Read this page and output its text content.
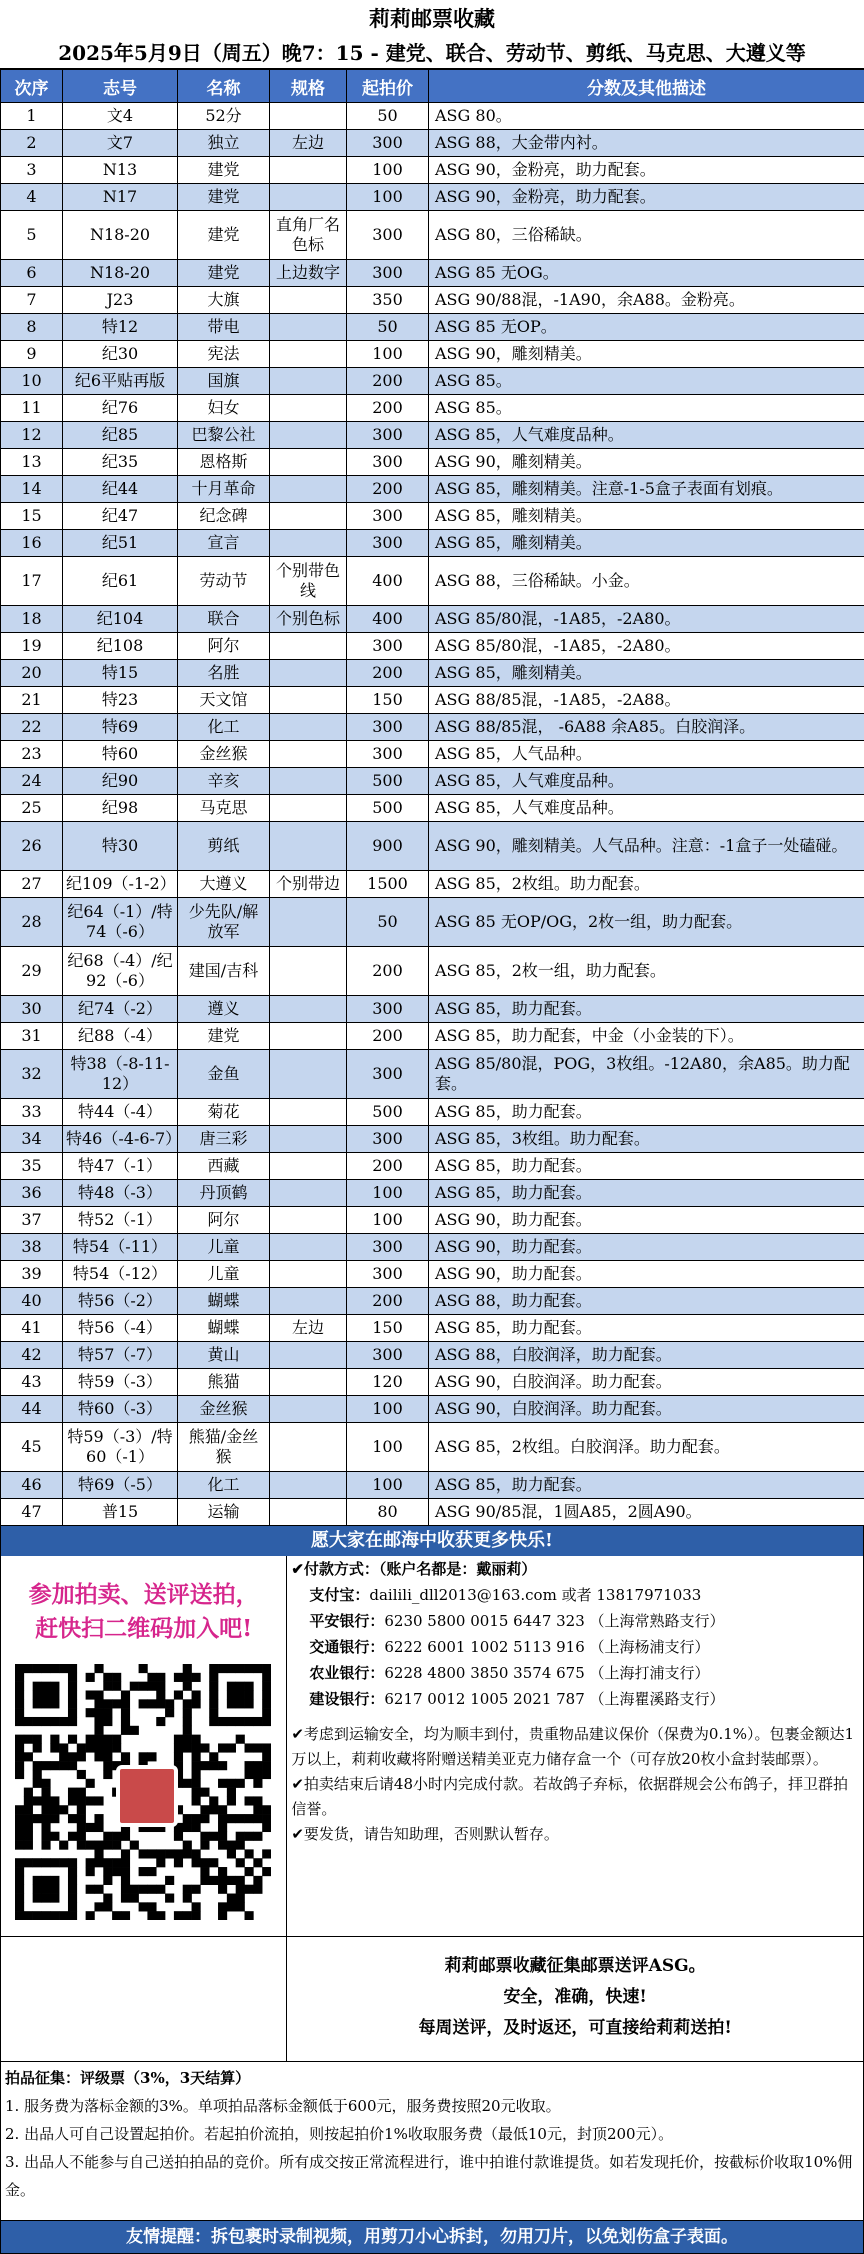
莉莉邮票收藏
2025年5月9日（周五）晚7：15 - 建党、联合、劳动节、剪纸、马克思、大遵义等
次序	志号	名称	规格	起拍价	分数及其他描述
1	文4	52分		50	ASG 80。
2	文7	独立	左边	300	ASG 88，大金带内衬。
3	N13	建党		100	ASG 90，金粉亮，助力配套。
4	N17	建党		100	ASG 90，金粉亮，助力配套。
5	N18-20	建党	直角厂名色标	300	ASG 80，三俗稀缺。
6	N18-20	建党	上边数字	300	ASG 85 无OG。
7	J23	大旗		350	ASG 90/88混，-1A90，余A88。金粉亮。
8	特12	带电		50	ASG 85 无OP。
9	纪30	宪法		100	ASG 90，雕刻精美。
10	纪6平贴再版	国旗		200	ASG 85。
11	纪76	妇女		200	ASG 85。
12	纪85	巴黎公社		300	ASG 85，人气难度品种。
13	纪35	恩格斯		300	ASG 90，雕刻精美。
14	纪44	十月革命		200	ASG 85，雕刻精美。注意-1-5盒子表面有划痕。
15	纪47	纪念碑		300	ASG 85，雕刻精美。
16	纪51	宣言		300	ASG 85，雕刻精美。
17	纪61	劳动节	个别带色线	400	ASG 88，三俗稀缺。小金。
18	纪104	联合	个别色标	400	ASG 85/80混，-1A85，-2A80。
19	纪108	阿尔		300	ASG 85/80混，-1A85，-2A80。
20	特15	名胜		200	ASG 85，雕刻精美。
21	特23	天文馆		150	ASG 88/85混，-1A85，-2A88。
22	特69	化工		300	ASG 88/85混， -6A88 余A85。白胶润泽。
23	特60	金丝猴		300	ASG 85，人气品种。
24	纪90	辛亥		500	ASG 85，人气难度品种。
25	纪98	马克思		500	ASG 85，人气难度品种。
26	特30	剪纸		900	ASG 90，雕刻精美。人气品种。注意：-1盒子一处磕碰。
27	纪109（-1-2）	大遵义	个别带边	1500	ASG 85，2枚组。助力配套。
28	纪64（-1）/特74（-6）	少先队/解放军		50	ASG 85 无OP/OG，2枚一组，助力配套。
29	纪68（-4）/纪92（-6）	建国/吉科		200	ASG 85，2枚一组，助力配套。
30	纪74（-2）	遵义		300	ASG 85，助力配套。
31	纪88（-4）	建党		200	ASG 85，助力配套，中金（小金装的下）。
32	特38（-8-11-12）	金鱼		300	ASG 85/80混，POG，3枚组。-12A80，余A85。助力配套。
33	特44（-4）	菊花		500	ASG 85，助力配套。
34	特46（-4-6-7）	唐三彩		300	ASG 85，3枚组。助力配套。
35	特47（-1）	西藏		200	ASG 85，助力配套。
36	特48（-3）	丹顶鹤		100	ASG 85，助力配套。
37	特52（-1）	阿尔		100	ASG 90，助力配套。
38	特54（-11）	儿童		300	ASG 90，助力配套。
39	特54（-12）	儿童		300	ASG 90，助力配套。
40	特56（-2）	蝴蝶		200	ASG 88，助力配套。
41	特56（-4）	蝴蝶	左边	150	ASG 85，助力配套。
42	特57（-7）	黄山		300	ASG 88，白胶润泽，助力配套。
43	特59（-3）	熊猫		120	ASG 90，白胶润泽。助力配套。
44	特60（-3）	金丝猴		100	ASG 90，白胶润泽。助力配套。
45	特59（-3）/特60（-1）	熊猫/金丝猴		100	ASG 85，2枚组。白胶润泽。助力配套。
46	特69（-5）	化工		100	ASG 85，助力配套。
47	普15	运输		80	ASG 90/85混，1圆A85，2圆A90。
愿大家在邮海中收获更多快乐!
参加拍卖、送评送拍，
赶快扫二维码加入吧!
✔付款方式：（账户名都是：戴丽莉）
支付宝：dailili_dll2013@163.com 或者 13817971033
平安银行：6230 5800 0015 6447 323 （上海常熟路支行）
交通银行：6222 6001 1002 5113 916 （上海杨浦支行）
农业银行：6228 4800 3850 3574 675 （上海打浦支行）
建设银行：6217 0012 1005 2021 787 （上海瞿溪路支行）
✔考虑到运输安全，均为顺丰到付，贵重物品建议保价（保费为0.1%）。包裹金额达1万以上，莉莉收藏将附赠送精美亚克力储存盒一个（可存放20枚小盒封装邮票）。
✔拍卖结束后请48小时内完成付款。若故鸽子弃标，依据群规会公布鸽子，拝卫群拍信誉。
✔要发货，请告知助理，否则默认暂存。
莉莉邮票收藏征集邮票送评ASG。
安全，准确，快速!
每周送评，及时返还，可直接给莉莉送拍!
拍品征集：评级票（3%，3天结算）
1. 服务费为落标金额的3%。单项拍品落标金额低于600元，服务费按照20元收取。
2. 出品人可自己设置起拍价。若起拍价流拍，则按起拍价1%收取服务费（最低10元，封顶200元）。
3. 出品人不能参与自己送拍拍品的竞价。所有成交按正常流程进行，谁中拍谁付款谁提货。如若发现托价，按截标价收取10%佣金。
友情提醒：拆包裹时录制视频，用剪刀小心拆封，勿用刀片，以免划伤盒子表面。
